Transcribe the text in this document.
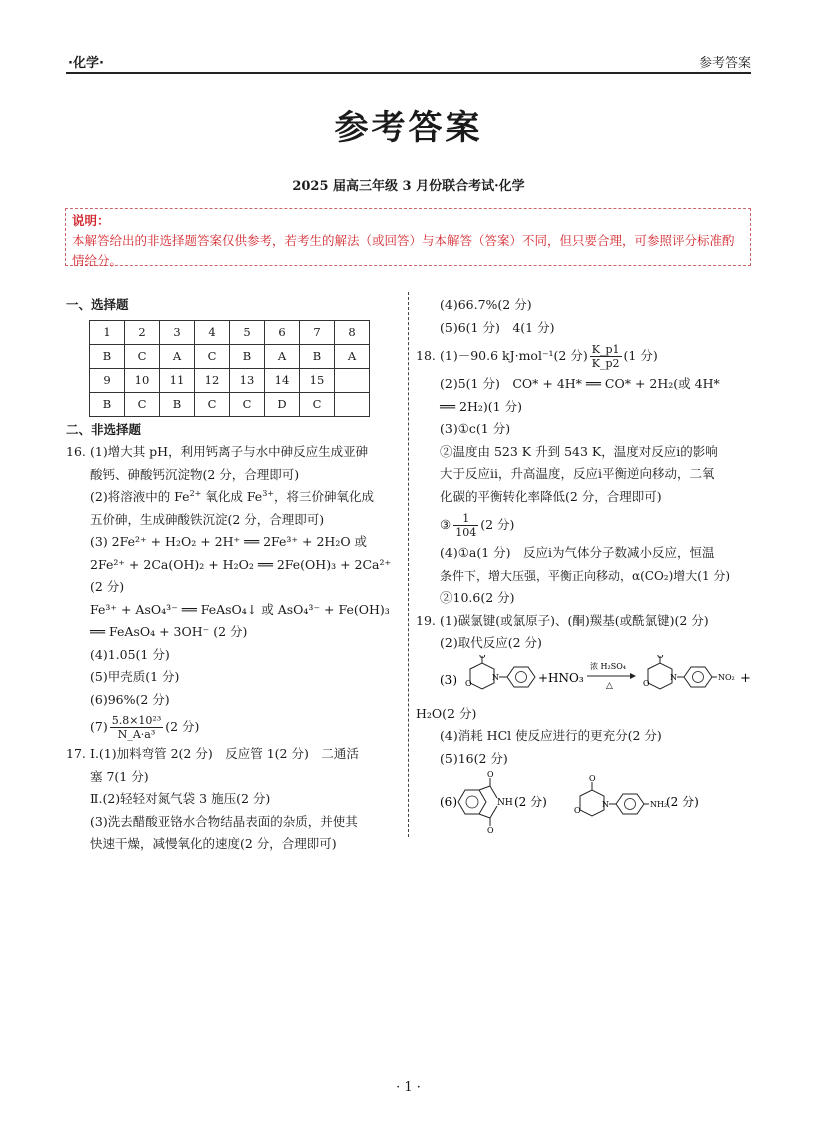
·化学·	参考答案
参考答案
2025 届高三年级 3 月份联合考试·化学
说明：
本解答给出的非选择题答案仅供参考，若考生的解法（或回答）与本解答（答案）不同，但只要合理，可参照评分标准酌情给分。
一、选择题
1	2	3	4	5	6	7	8
B	C	A	C	B	A	B	A
9	10	11	12	13	14	15	
B	C	B	C	C	D	C	
二、非选择题
16. (1)增大其 pH，利用钙离子与水中砷反应生成亚砷
酸钙、砷酸钙沉淀物(2 分，合理即可)
(2)将溶液中的 $Fe^{2+}$ 氧化成 $Fe^{3+}$，将三价砷氧化成
五价砷，生成砷酸铁沉淀(2 分，合理即可)
(3) 2Fe²⁺ + H₂O₂ + 2H⁺ ══ 2Fe³⁺ + 2H₂O 或
2Fe²⁺ + 2Ca(OH)₂ + H₂O₂ ══ 2Fe(OH)₃ + 2Ca²⁺
(2 分)
Fe³⁺ + AsO₄³⁻ ══ FeAsO₄↓ 或 AsO₄³⁻ + Fe(OH)₃
══ FeAsO₄ + 3OH⁻ (2 分)
(4)1.05(1 分)
(5)甲壳质(1 分)
(6)96%(2 分)
$(7) \frac{\text{5.8×10²³}}{\text{N\_A·a³}} (2$ 分)
17. Ⅰ.(1)加料弯管 2(2 分)　反应管 1(2 分)　二通活
塞 7(1 分)
Ⅱ.(2)轻轻对氮气袋 3 施压(2 分)
(3)洗去醋酸亚铬水合物结晶表面的杂质，并使其
快速干燥，减慢氧化的速度(2 分，合理即可)
(4)66.7%(2 分)
(5)6(1 分)　4(1 分)
18. (1)－90.6 kJ·mol⁻¹(2 分) $\frac{K\_p1}{K\_p2} (1$ 分)
(2)5(1 分)　CO* + 4H* ══ CO* + 2H₂(或 4H*
══ 2H₂)(1 分)
(3)①c(1 分)
②温度由 523 K 升到 543 K，温度对反应ⅰ的影响
大于反应ⅱ，升高温度，反应ⅰ平衡逆向移动，二氧
化碳的平衡转化率降低(2 分，合理即可)
③ $\frac{1}{104} (2$ 分)
(4)①a(1 分)　反应ⅰ为气体分子数减小反应，恒温
条件下，增大压强，平衡正向移动，α(CO₂)增大(1 分)
②10.6(2 分)
19. (1)碳氯键(或氯原子)、(酮)羰基(或酰氯键)(2 分)
(2)取代反应(2 分)
(3)
O
O
N	+HNO₃
浓 H₂SO₄
△
O
O
N	NO₂ +
H₂O(2 分)
(4)消耗 HCl 使反应进行的更充分(2 分)
(5)16(2 分)
(6)
O
O
NH (2 分)
O
O
N	NH₂
(2 分)
· 1 ·
